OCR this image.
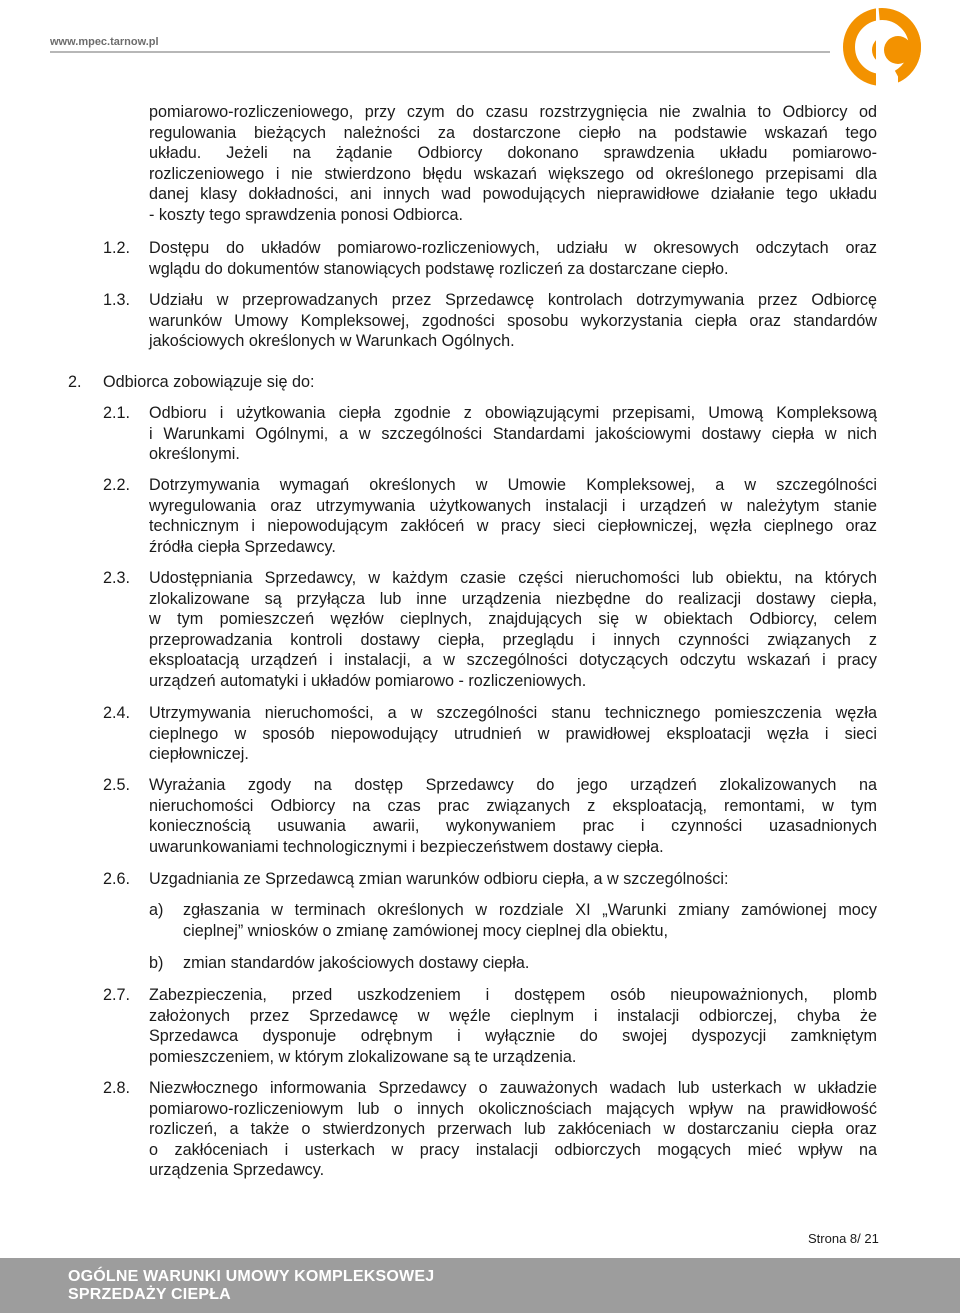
www.mpec.tarnow.pl
pomiarowo-rozliczeniowego, przy czym do czasu rozstrzygnięcia nie zwalnia to Odbiorcy od
regulowania bieżących należności za dostarczone ciepło na podstawie wskazań tego
układu. Jeżeli na żądanie Odbiorcy dokonano sprawdzenia układu pomiarowo-
rozliczeniowego i nie stwierdzono błędu wskazań większego od określonego przepisami dla
danej klasy dokładności, ani innych wad powodujących nieprawidłowe działanie tego układu
- koszty tego sprawdzenia ponosi Odbiorca.
1.2. Dostępu do układów pomiarowo-rozliczeniowych, udziału w okresowych odczytach oraz
wglądu do dokumentów stanowiących podstawę rozliczeń za dostarczane ciepło.
1.3. Udziału w przeprowadzanych przez Sprzedawcę kontrolach dotrzymywania przez Odbiorcę
warunków Umowy Kompleksowej, zgodności sposobu wykorzystania ciepła oraz standardów
jakościowych określonych w Warunkach Ogólnych.
2. Odbiorca zobowiązuje się do:
2.1. Odbioru i użytkowania ciepła zgodnie z obowiązującymi przepisami, Umową Kompleksową
i Warunkami Ogólnymi, a w szczególności Standardami jakościowymi dostawy ciepła w nich
określonymi.
2.2. Dotrzymywania wymagań określonych w Umowie Kompleksowej, a w szczególności
wyregulowania oraz utrzymywania użytkowanych instalacji i urządzeń w należytym stanie
technicznym i niepowodującym zakłóceń w pracy sieci ciepłowniczej, węzła cieplnego oraz
źródła ciepła Sprzedawcy.
2.3. Udostępniania Sprzedawcy, w każdym czasie części nieruchomości lub obiektu, na których
zlokalizowane są przyłącza lub inne urządzenia niezbędne do realizacji dostawy ciepła,
w tym pomieszczeń węzłów cieplnych, znajdujących się w obiektach Odbiorcy, celem
przeprowadzania kontroli dostawy ciepła, przeglądu i innych czynności związanych z
eksploatacją urządzeń i instalacji, a w szczególności dotyczących odczytu wskazań i pracy
urządzeń automatyki i układów pomiarowo - rozliczeniowych.
2.4. Utrzymywania nieruchomości, a w szczególności stanu technicznego pomieszczenia węzła
cieplnego w sposób niepowodujący utrudnień w prawidłowej eksploatacji węzła i sieci
ciepłowniczej.
2.5. Wyrażania zgody na dostęp Sprzedawcy do jego urządzeń zlokalizowanych na
nieruchomości Odbiorcy na czas prac związanych z eksploatacją, remontami, w tym
koniecznością usuwania awarii, wykonywaniem prac i czynności uzasadnionych
uwarunkowaniami technologicznymi i bezpieczeństwem dostawy ciepła.
2.6. Uzgadniania ze Sprzedawcą zmian warunków odbioru ciepła, a w szczególności:
a) zgłaszania w terminach określonych w rozdziale XI „Warunki zmiany zamówionej mocy
cieplnej” wniosków o zmianę zamówionej mocy cieplnej dla obiektu,
b) zmian standardów jakościowych dostawy ciepła.
2.7. Zabezpieczenia, przed uszkodzeniem i dostępem osób nieupoważnionych, plomb
założonych przez Sprzedawcę w węźle cieplnym i instalacji odbiorczej, chyba że
Sprzedawca dysponuje odrębnym i wyłącznie do swojej dyspozycji zamkniętym
pomieszczeniem, w którym zlokalizowane są te urządzenia.
2.8. Niezwłocznego informowania Sprzedawcy o zauważonych wadach lub usterkach w układzie
pomiarowo-rozliczeniowym lub o innych okolicznościach mających wpływ na prawidłowość
rozliczeń, a także o stwierdzonych przerwach lub zakłóceniach w dostarczaniu ciepła oraz
o zakłóceniach i usterkach w pracy instalacji odbiorczych mogących mieć wpływ na
urządzenia Sprzedawcy.
Strona 8/ 21
OGÓLNE WARUNKI UMOWY KOMPLEKSOWEJ
SPRZEDAŻY CIEPŁA
